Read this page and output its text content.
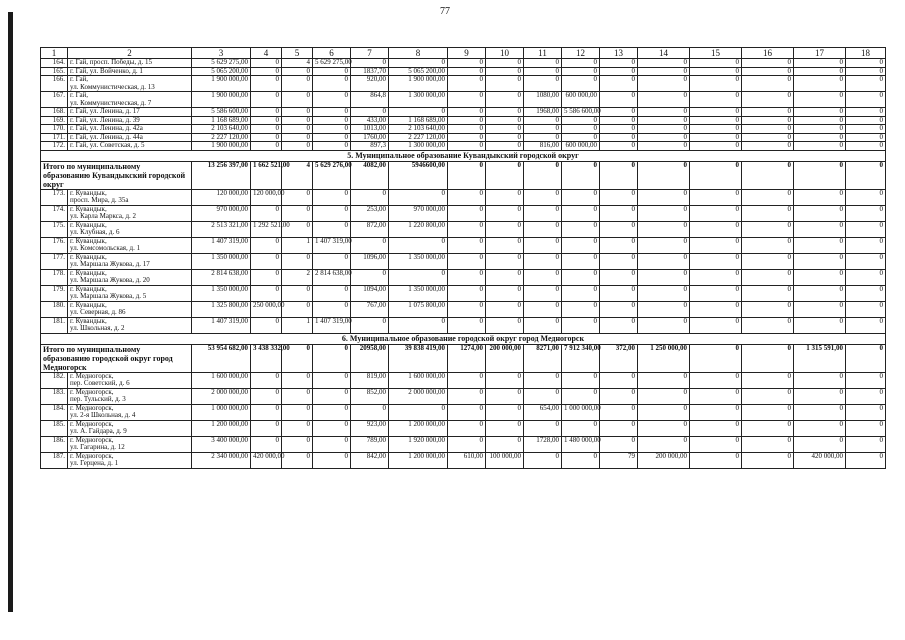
77
1	2	3	4	5	6	7	8	9	10	11	12	13	14	15	16	17	18
164.	г. Гай, просп. Победы, д. 15	5 629 275,00	0	4	5 629 275,00	0	0	0	0	0	0	0	0	0	0	0	0
165.	г. Гай, ул. Войченко, д. 1	5 065 200,00	0	0	0	1837,70	5 065 200,00	0	0	0	0	0	0	0	0	0	0
166.	г. Гай,
ул. Коммунистическая, д. 13	1 900 000,00	0	0	0	920,00	1 900 000,00	0	0	0	0	0	0	0	0	0	0
167.	г. Гай,
ул. Коммунистическая, д. 7	1 900 000,00	0	0	0	864,8	1 300 000,00	0	0	1080,00	600 000,00	0	0	0	0	0	0
168.	г. Гай, ул. Ленина, д. 17	5 586 600,00	0	0	0	0	0	0	0	1968,00	5 586 600,00	0	0	0	0	0	0
169.	г. Гай, ул. Ленина, д. 39	1 168 689,00	0	0	0	433,00	1 168 689,00	0	0	0	0	0	0	0	0	0	0
170.	г. Гай, ул. Ленина, д. 42а	2 103 640,00	0	0	0	1013,00	2 103 640,00	0	0	0	0	0	0	0	0	0	0
171.	г. Гай, ул. Ленина, д. 44а	2 227 120,00	0	0	0	1760,00	2 227 120,00	0	0	0	0	0	0	0	0	0	0
172.	г. Гай, ул. Советская, д. 5	1 900 000,00	0	0	0	897,3	1 300 000,00	0	0	816,00	600 000,00	0	0	0	0	0	0
5. Муниципальное образование Кувандыкский городской округ																	
Итого по муниципальному образованию Кувандыкский городской округ		13 256 397,00	1 662 521,00	4	5 629 276,00	4082,00	5946600,00	0	0	0	0	0	0	0	0	0	0
173.	г. Кувандык,
просп. Мира, д. 35а	120 000,00	120 000,00	0	0	0	0	0	0	0	0	0	0	0	0	0	0
174.	г. Кувандык,
ул. Карла Маркса, д. 2	970 000,00	0	0	0	253,00	970 000,00	0	0	0	0	0	0	0	0	0	0
175.	г. Кувандык,
ул. Клубная, д. 6	2 513 321,00	1 292 521,00	0	0	872,00	1 220 800,00	0	0	0	0	0	0	0	0	0	0
176.	г. Кувандык,
ул. Комсомольская, д. 1	1 407 319,00	0	1	1 407 319,00	0	0	0	0	0	0	0	0	0	0	0	0
177.	г. Кувандык,
ул. Маршала Жукова, д. 17	1 350 000,00	0	0	0	1096,00	1 350 000,00	0	0	0	0	0	0	0	0	0	0
178.	г. Кувандык,
ул. Маршала Жукова, д. 20	2 814 638,00	0	2	2 814 638,00	0	0	0	0	0	0	0	0	0	0	0	0
179.	г. Кувандык,
ул. Маршала Жукова, д. 5	1 350 000,00	0	0	0	1094,00	1 350 000,00	0	0	0	0	0	0	0	0	0	0
180.	г. Кувандык,
ул. Северная, д. 86	1 325 800,00	250 000,00	0	0	767,00	1 075 800,00	0	0	0	0	0	0	0	0	0	0
181.	г. Кувандык,
ул. Школьная, д. 2	1 407 319,00	0	1	1 407 319,00	0	0	0	0	0	0	0	0	0	0	0	0
6. Муниципальное образование городской округ город Медногорск																	
Итого по муниципальному образованию городской округ город Медногорск		53 954 682,00	3 438 332,00	0	0	20958,00	39 838 419,00	1274,00	200 000,00	8271,00	7 912 340,00	372,00	1 250 000,00	0	0	1 315 591,00	0
182.	г. Медногорск,
пер. Советский, д. 6	1 600 000,00	0	0	0	819,00	1 600 000,00	0	0	0	0	0	0	0	0	0	0
183.	г. Медногорск,
пер. Тульский, д. 3	2 000 000,00	0	0	0	852,00	2 000 000,00	0	0	0	0	0	0	0	0	0	0
184.	г. Медногорск,
ул. 2-я Школьная, д. 4	1 000 000,00	0	0	0	0	0	0	0	654,00	1 000 000,00	0	0	0	0	0	0
185.	г. Медногорск,
ул. А. Гайдара, д. 9	1 200 000,00	0	0	0	923,00	1 200 000,00	0	0	0	0	0	0	0	0	0	0
186.	г. Медногорск,
ул. Гагарина, д. 12	3 400 000,00	0	0	0	789,00	1 920 000,00	0	0	1728,00	1 480 000,00	0	0	0	0	0	0
187.	г. Медногорск,
ул. Герцена, д. 1	2 340 000,00	420 000,00	0	0	842,00	1 200 000,00	610,00	100 000,00	0	0	79	200 000,00	0	0	420 000,00	0
